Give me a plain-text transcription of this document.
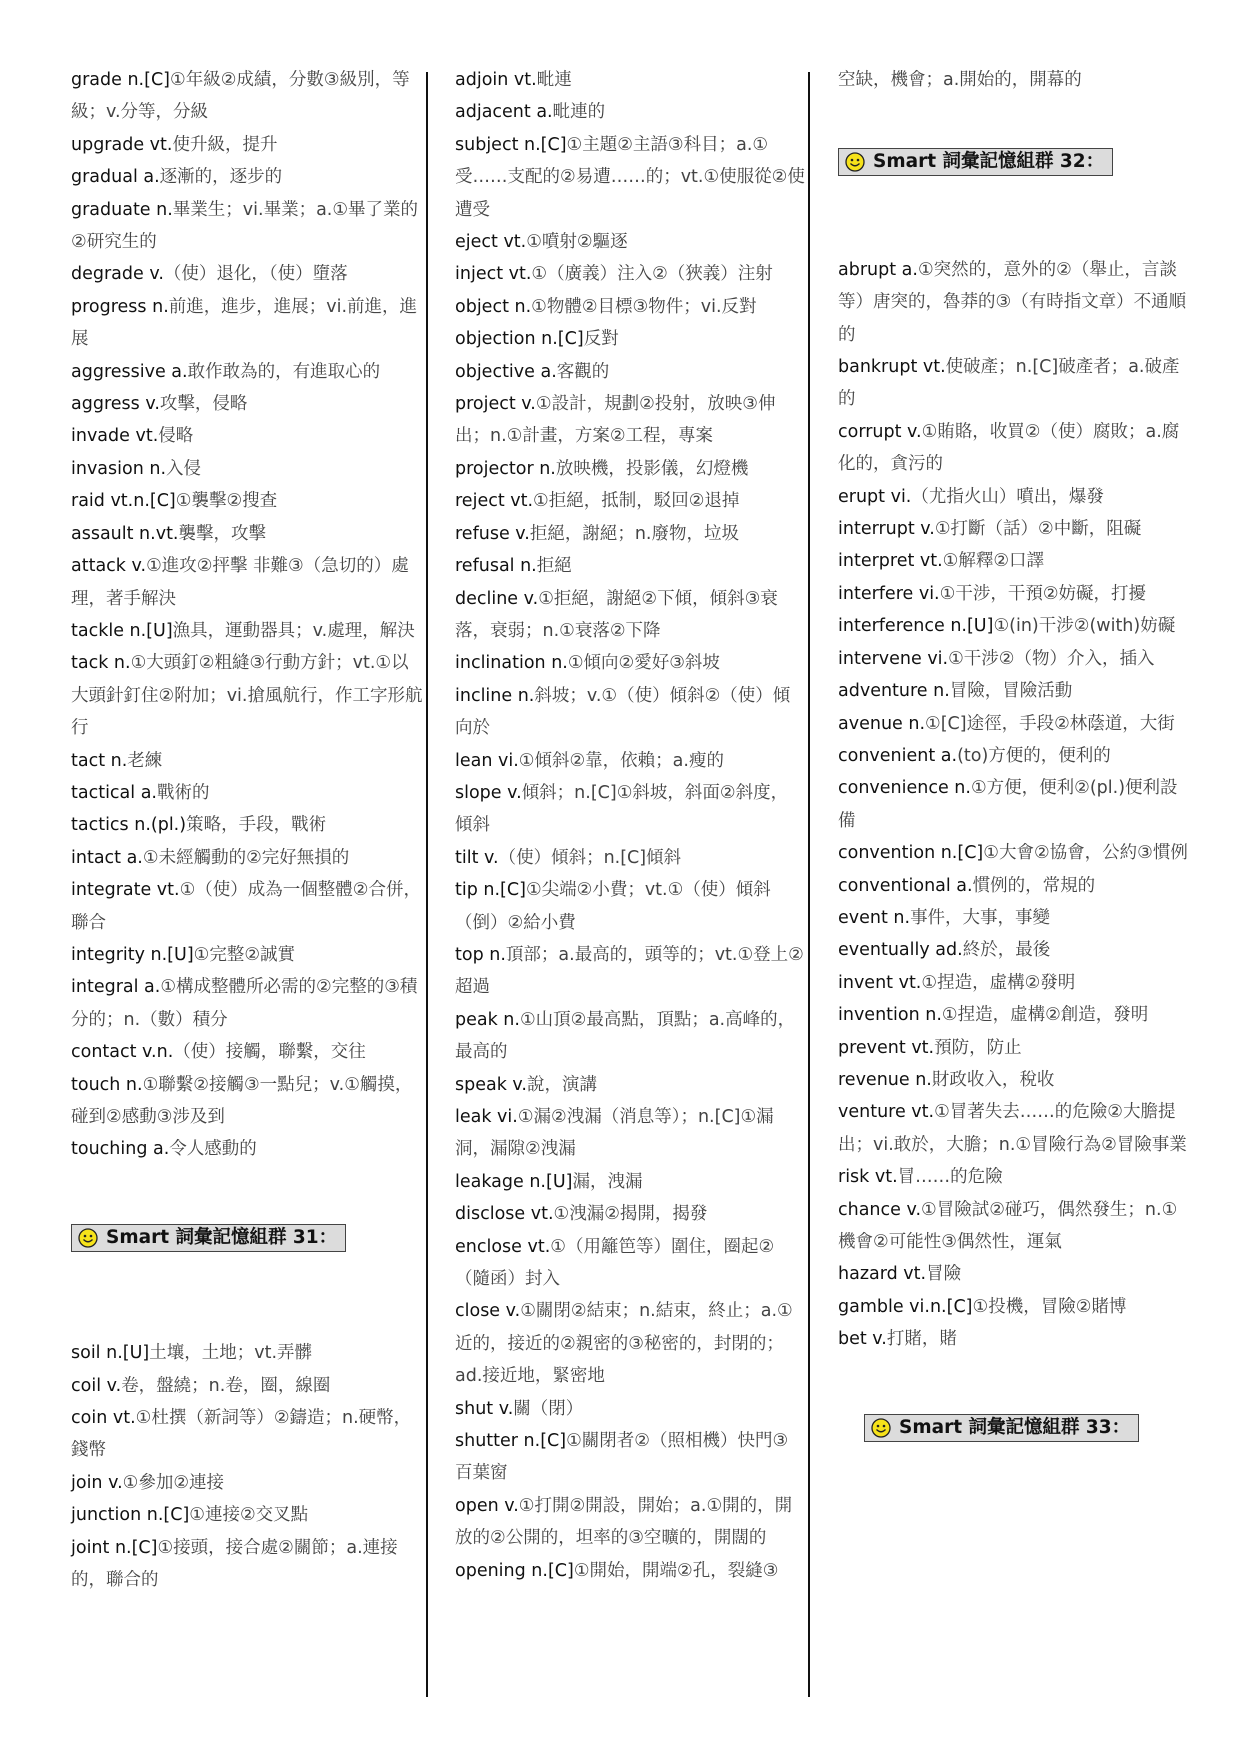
grade n.[C]①年級②成績，分數③級別，等級；v.分等，分級

upgrade vt.使升級，提升

gradual a.逐漸的，逐步的

graduate n.畢業生；vi.畢業；a.①畢了業的②研究生的

degrade v.（使）退化，（使）墮落

progress n.前進，進步，進展；vi.前進，進展

aggressive a.敢作敢為的，有進取心的

aggress v.攻擊，侵略

invade vt.侵略

invasion n.入侵

raid vt.n.[C]①襲擊②搜查

assault n.vt.襲擊，攻擊

attack v.①進攻②抨擊 非難③（急切的）處理，著手解決

tackle n.[U]漁具，運動器具；v.處理，解決

tack n.①大頭釘②粗縫③行動方針；vt.①以大頭針釘住②附加；vi.搶風航行，作工字形航行

tact n.老練

tactical a.戰術的

tactics n.(pl.)策略，手段，戰術

intact a.①未經觸動的②完好無損的

integrate vt.①（使）成為一個整體②合併，聯合

integrity n.[U]①完整②誠實

integral a.①構成整體所必需的②完整的③積分的；n.（數）積分

contact v.n.（使）接觸，聯繫，交往

touch n.①聯繫②接觸③一點兒；v.①觸摸，碰到②感動③涉及到

touching a.令人感動的

Smart 詞彙記憶組群 31：

soil n.[U]土壤，土地；vt.弄髒

coil v.卷，盤繞；n.卷，圈，線圈

coin vt.①杜撰（新詞等）②鑄造；n.硬幣，錢幣

join v.①參加②連接

junction n.[C]①連接②交叉點

joint n.[C]①接頭，接合處②關節；a.連接的，聯合的

adjoin vt.毗連

adjacent a.毗連的

subject n.[C]①主題②主語③科目；a.①受……支配的②易遭……的；vt.①使服從②使遭受

eject vt.①噴射②驅逐

inject vt.①（廣義）注入②（狹義）注射

object n.①物體②目標③物件；vi.反對

objection n.[C]反對

objective a.客觀的

project v.①設計，規劃②投射，放映③伸出；n.①計畫，方案②工程，專案

projector n.放映機，投影儀，幻燈機

reject vt.①拒絕，抵制，駁回②退掉

refuse v.拒絕，謝絕；n.廢物，垃圾

refusal n.拒絕

decline v.①拒絕，謝絕②下傾，傾斜③衰落，衰弱；n.①衰落②下降

inclination n.①傾向②愛好③斜坡

incline n.斜坡；v.①（使）傾斜②（使）傾向於

lean vi.①傾斜②靠，依賴；a.瘦的

slope v.傾斜；n.[C]①斜坡，斜面②斜度，傾斜

tilt v.（使）傾斜；n.[C]傾斜

tip n.[C]①尖端②小費；vt.①（使）傾斜（倒）②給小費

top n.頂部；a.最高的，頭等的；vt.①登上②超過

peak n.①山頂②最高點，頂點；a.高峰的，最高的

speak v.說，演講

leak vi.①漏②洩漏（消息等）；n.[C]①漏洞，漏隙②洩漏

leakage n.[U]漏，洩漏

disclose vt.①洩漏②揭開，揭發

enclose vt.①（用籬笆等）圍住，圈起②（隨函）封入

close v.①關閉②結束；n.結束，終止；a.①近的，接近的②親密的③秘密的，封閉的；ad.接近地，緊密地

shut v.關（閉）

shutter n.[C]①關閉者②（照相機）快門③百葉窗

open v.①打開②開設，開始；a.①開的，開放的②公開的，坦率的③空曠的，開闊的

opening n.[C]①開始，開端②孔，裂縫③

空缺，機會；a.開始的，開幕的

Smart 詞彙記憶組群 32：

abrupt a.①突然的，意外的②（舉止，言談等）唐突的，魯莽的③（有時指文章）不通順的

bankrupt vt.使破產；n.[C]破產者；a.破產的

corrupt v.①賄賂，收買②（使）腐敗；a.腐化的，貪污的

erupt vi.（尤指火山）噴出，爆發

interrupt v.①打斷（話）②中斷，阻礙

interpret vt.①解釋②口譯

interfere vi.①干涉，干預②妨礙，打擾

interference n.[U]①(in)干涉②(with)妨礙

intervene vi.①干涉②（物）介入，插入

adventure n.冒險，冒險活動

avenue n.①[C]途徑，手段②林蔭道，大街

convenient a.(to)方便的，便利的

convenience n.①方便，便利②(pl.)便利設備

convention n.[C]①大會②協會，公約③慣例

conventional a.慣例的，常規的

event n.事件，大事，事變

eventually ad.終於，最後

invent vt.①捏造，虛構②發明

invention n.①捏造，虛構②創造，發明

prevent vt.預防，防止

revenue n.財政收入，稅收

venture vt.①冒著失去……的危險②大膽提出；vi.敢於，大膽；n.①冒險行為②冒險事業

risk vt.冒……的危險

chance v.①冒險試②碰巧，偶然發生；n.①機會②可能性③偶然性，運氣

hazard vt.冒險

gamble vi.n.[C]①投機，冒險②賭博

bet v.打賭，賭

Smart 詞彙記憶組群 33：
